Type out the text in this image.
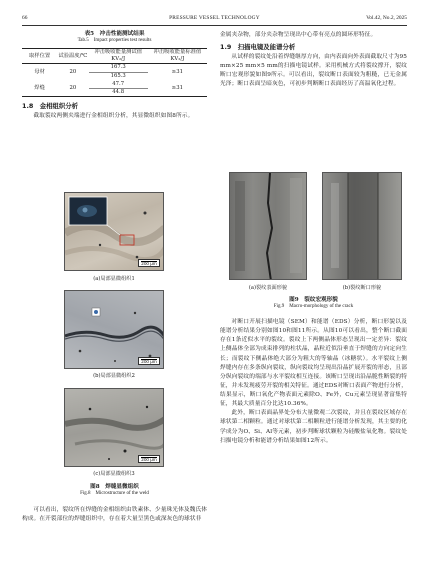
66	PRESSURE VESSEL TECHNOLOGY	Vol.42, No.2, 2025
表5　冲击性能测试结果
Tab.5　Impact properties test results
取样位置	试验温度/℃	冲击吸收能量测试值KV₂/J	冲击吸收能量标准值KV₂/J
母材	20	167.3	≥31
		165.3	
焊缝	20	47.7	≥31
		44.8	
1.8　金相组织分析

截取裂纹两侧夹端进行金相组织分析，其显微组织如图8所示。

200 μm
(a)局部显微组织1
200 μm
(b)局部显微组织2
200 μm
(c)局部显微组织3
图8　焊缝显微组织
Fig.8　Microstructure of the weld

可以看出，裂纹所在焊缝的金相组织由铁素体、少量珠光体及魏氏体构成。在开裂部位的焊缝组织中，存在着大量呈黑色或深灰色的球状非

金属夹杂物，部分夹杂物呈现出中心带有亮点的圆环形特征。

1.9　扫描电镜及能谱分析

从试样的裂纹处沿着焊缝继厚方向，由内表面向外表面截取尺寸为95 mm×25 mm×5 mm的扫描电镜试样。采用机械方式将裂纹撑开，裂纹断口宏观形貌如图9所示。可以看出，裂纹断口表面较为粗糙，已无金属光泽；断口表面呈暗灰色，可初步判断断口表面经历了高温氧化过程。

(a)裂纹表面形貌	(b)裂纹断口形貌
图9　裂纹宏观形貌
Fig.9　Macro-morphology of the crack

对断口开展扫描电镜（SEM）和能谱（EDS）分析，断口形貌以及能谱分析结果分别如图10和图11所示。从图10可以看出，整个断口截面存在1条近似水平的裂纹。裂纹上下两侧晶体形态呈现出一定差异：裂纹上侧晶体全部为成束排列的柱状晶，晶粒近似沿垂直于焊缝的方向定向生长；而裂纹下侧晶体绝大部分为粗大的等轴晶（冰糖状）。水平裂纹上侧焊缝内存在多条纵向裂纹，纵向裂纹均呈现出沿晶扩展开裂的形态，且部分纵向裂纹的端部与水平裂纹相互连接。该断口呈现出沿晶脆性断裂的特征，并未发现疲劳开裂的相关特征。通过EDS对断口表面产物进行分析，结果显示，断口氧化产物表面元素除O、Fe外，Cu元素呈现显著富集特征，其最大质量百分比达10.36%。

此外，断口表面晶界处分布大量微观二次裂纹，并且在裂纹区域存在球状第二相颗粒。通过对球状第二相颗粒进行能谱分析发现，其主要的化学成分为O、Si、Al等元素，初步判断球状颗粒为硅酸盐氧化物。裂纹处扫描电镜分析和能谱分析结果如图12所示。
